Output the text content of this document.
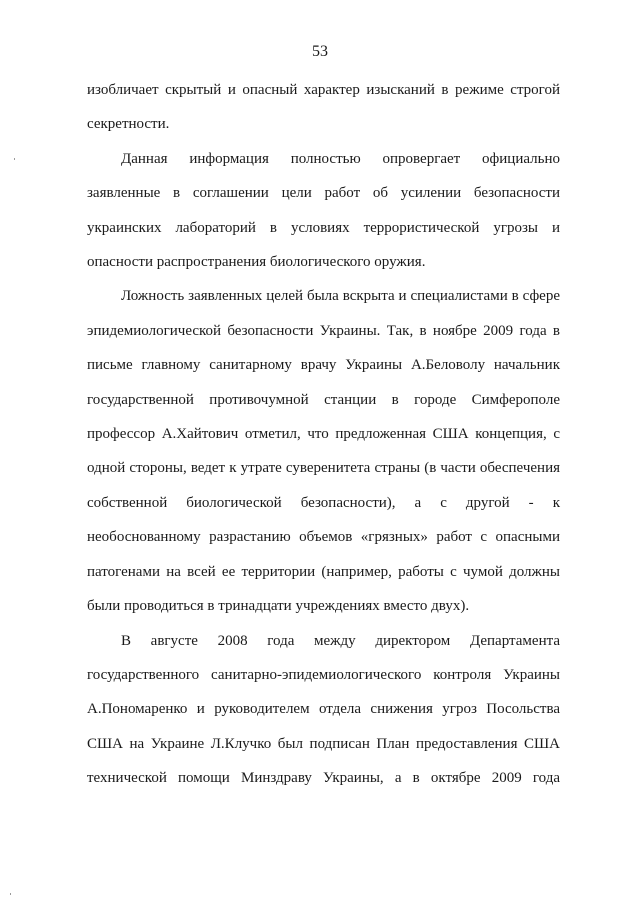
53

изобличает скрытый и опасный характер изысканий в режиме строгой секретности.

Данная информация полностью опровергает официально заявленные в соглашении цели работ об усилении безопасности украинских лабораторий в условиях террористической угрозы и опасности распространения биологического оружия.

Ложность заявленных целей была вскрыта и специалистами в сфере эпидемиологической безопасности Украины. Так, в ноябре 2009 года в письме главному санитарному врачу Украины А.Беловолу начальник государственной противочумной станции в городе Симферополе профессор А.Хайтович отметил, что предложенная США концепция, с одной стороны, ведет к утрате суверенитета страны (в части обеспечения собственной биологической безопасности), а с другой - к необоснованному разрастанию объемов «грязных» работ с опасными патогенами на всей ее территории (например, работы с чумой должны были проводиться в тринадцати учреждениях вместо двух).

В августе 2008 года между директором Департамента государственного санитарно-эпидемиологического контроля Украины А.Пономаренко и руководителем отдела снижения угроз Посольства США на Украине Л.Клучко был подписан План предоставления США технической помощи Минздраву Украины, а в октябре 2009 года
